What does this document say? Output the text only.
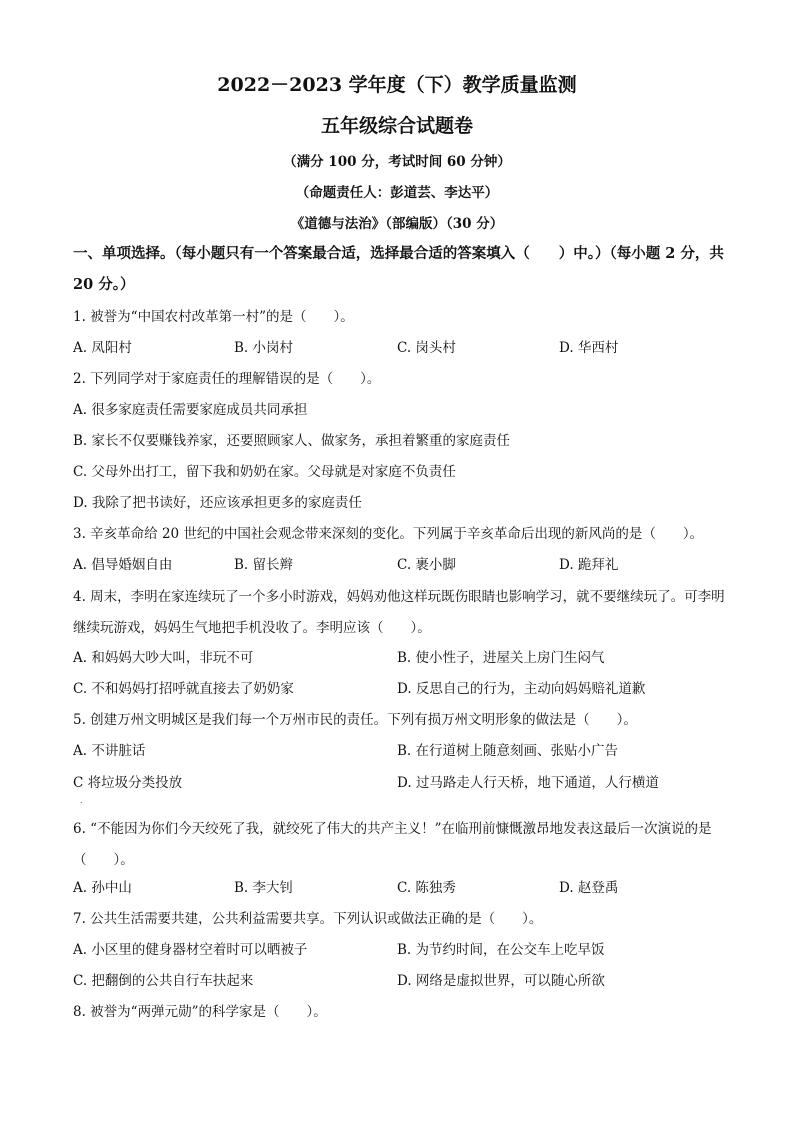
2022－2023 学年度（下）教学质量监测
五年级综合试题卷
（满分 100 分，考试时间 60 分钟）
（命题责任人：彭道芸、李达平）
《道德与法治》（部编版）（30 分）
一、单项选择。（每小题只有一个答案最合适，选择最合适的答案填入（　　）中。）（每小题 2 分，共 20 分。）
1. 被誉为“中国农村改革第一村”的是（　　）。
A. 凤阳村	B. 小岗村	C. 岗头村	D. 华西村
2. 下列同学对于家庭责任的理解错误的是（　　）。
A. 很多家庭责任需要家庭成员共同承担
B. 家长不仅要赚钱养家，还要照顾家人、做家务，承担着繁重的家庭责任
C. 父母外出打工，留下我和奶奶在家。父母就是对家庭不负责任
D. 我除了把书读好，还应该承担更多的家庭责任
3. 辛亥革命给 20 世纪的中国社会观念带来深刻的变化。下列属于辛亥革命后出现的新风尚的是（　　）。
A. 倡导婚姻自由	B. 留长辫	C. 裹小脚	D. 跪拜礼
4. 周末，李明在家连续玩了一个多小时游戏，妈妈劝他这样玩既伤眼睛也影响学习，就不要继续玩了。可李明继续玩游戏，妈妈生气地把手机没收了。李明应该（　　）。
A. 和妈妈大吵大叫，非玩不可	B. 使小性子，进屋关上房门生闷气
C. 不和妈妈打招呼就直接去了奶奶家	D. 反思自己的行为，主动向妈妈赔礼道歉
5. 创建万州文明城区是我们每一个万州市民的责任。下列有损万州文明形象的做法是（　　）。
A. 不讲脏话	B. 在行道树上随意刻画、张贴小广告
C 将垃圾分类投放	D. 过马路走人行天桥，地下通道，人行横道
.
6. “不能因为你们今天绞死了我，就绞死了伟大的共产主义！”在临刑前慷慨激昂地发表这最后一次演说的是（　　）。
A. 孙中山	B. 李大钊	C. 陈独秀	D. 赵登禹
7. 公共生活需要共建，公共利益需要共享。下列认识或做法正确的是（　　）。
A. 小区里的健身器材空着时可以晒被子	B. 为节约时间，在公交车上吃早饭
C. 把翻倒的公共自行车扶起来	D. 网络是虚拟世界，可以随心所欲
8. 被誉为“两弹元勋”的科学家是（　　）。
